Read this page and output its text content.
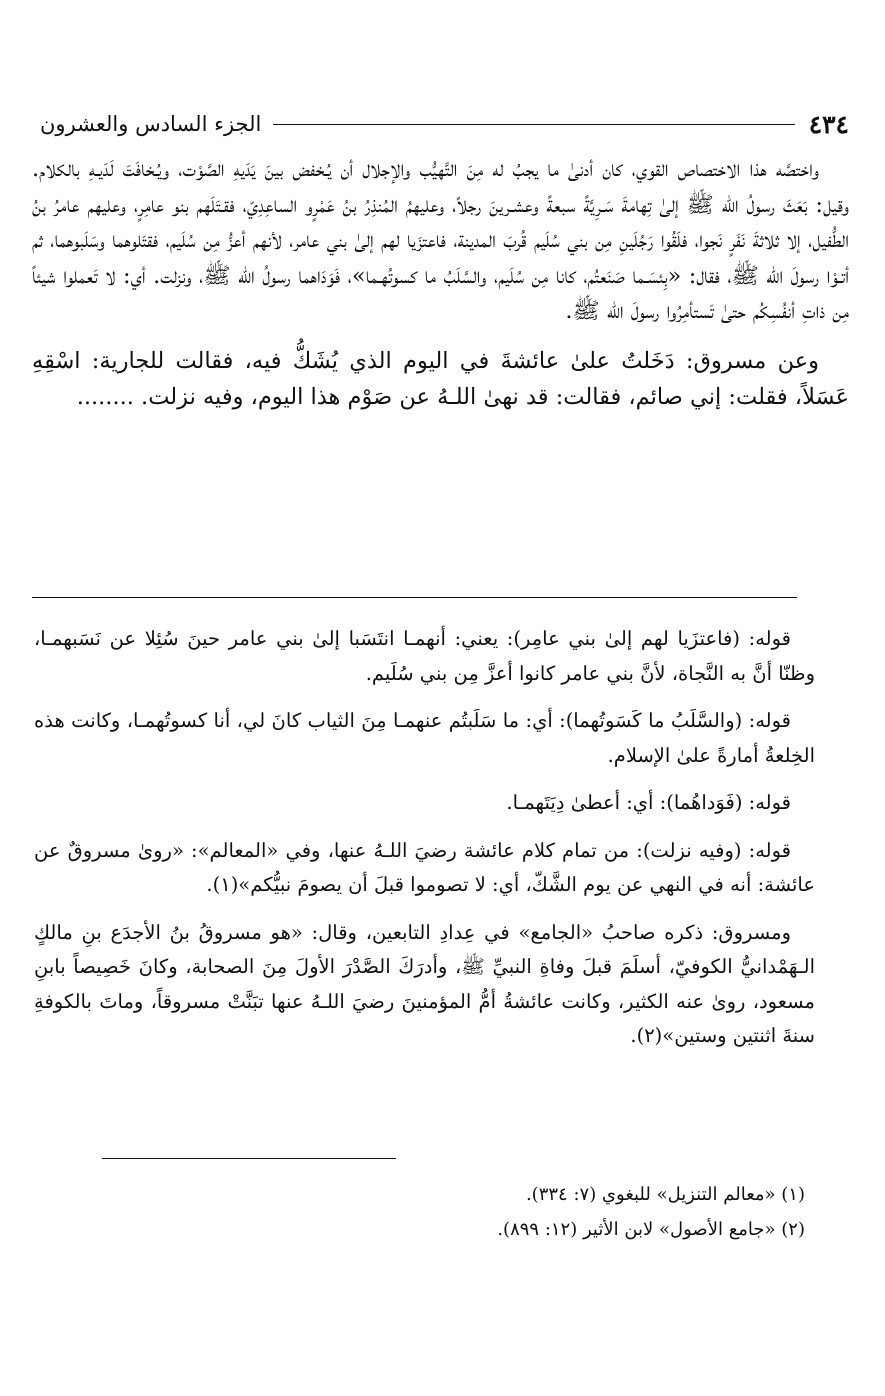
٤٣٤
الجزء السادس والعشرون

واختصَّه هذا الاختصاص القوي، كان أدنىٰ ما يجبُ له مِنَ التَّهيُّب والإجلال أن يُـخفض بينَ يَدَيهِ الصَّوْت، ويُـخافَتَ لَدَيـهِ بالكلام. وقيل: بَعَثَ رسولُ الله ﷺ إلىٰ تِهامةَ سَـرِيَّةً سبعةً وعشـرينَ رجلاً، وعليهمُ المُنذِرُ بنُ عَمْرٍو الساعِدِيّ، فقـتَلَهم بنو عامِرٍ، وعليهم عامرُ بنُ الطُّفيل، إلا ثلاثةَ نَفَرٍ نَجوا، فلَقُوا رَجُلَينِ مِن بني سُلَيم قُربَ المدينة، فاعتزَيا لهم إلىٰ بني عامر، لأنهم أعزُّ مِن سُلَيم، فقتَلوهما وسَلَبوهما، ثم أتـوْا رسولَ الله ﷺ، فقال: «بِئسَـما صَنَعتُم، كانا مِن سُلَيم، والسَّلَبُ ما كسوتُهـما»، فَوَدَاهما رسولُ الله ﷺ، ونزلت. أي: لا تَعملوا شيئاً مِن ذاتِ أنفُسِكُم حتىٰ تَستأمِرُوا رسولَ الله ﷺ.

وعن مسروق: دَخَلتُ علىٰ عائشةَ في اليوم الذي يُشَكُّ فيه، فقالت للجارية: اسْقِهِ عَسَلاً، فقلت: إني صائم، فقالت: قد نهىٰ اللـهُ عن صَوْم هذا اليوم، وفيه نزلت. ........

قوله: (فاعتزَيا لهم إلىٰ بني عامِر): يعني: أنهمـا انتَسَبا إلىٰ بني عامر حينَ سُئِلا عن نَسَبهمـا، وظنّا أنَّ به النَّجاة، لأنَّ بني عامر كانوا أعزَّ مِن بني سُلَيم.

قوله: (والسَّلَبُ ما كَسَوتُهما): أي: ما سَلَبتُم عنهمـا مِنَ الثياب كانَ لي، أنا كسوتُهمـا، وكانت هذه الخِلعةُ أمارةً علىٰ الإسلام.

قوله: (فَوَداهُما): أي: أعطىٰ دِيَتَهمـا.

قوله: (وفيه نزلت): من تمام كلام عائشة رضيَ اللـهُ عنها، وفي «المعالم»: «روىٰ مسروقٌ عن عائشة: أنه في النهي عن يوم الشَّكّ، أي: لا تصوموا قبلَ أن يصومَ نبيُّكم»(١).

ومسروق: ذكره صاحبُ «الجامع» في عِدادِ التابعين، وقال: «هو مسروقُ بنُ الأجدَع بنِ مالكٍ الـهَمْدانيُّ الكوفيّ، أسلَمَ قبلَ وفاةِ النبيِّ ﷺ، وأدرَكَ الصَّدْرَ الأولَ مِنَ الصحابة، وكانَ خَصِيصاً بابنِ مسعود، روىٰ عنه الكثير، وكانت عائشةُ أمُّ المؤمنينَ رضيَ اللـهُ عنها تبَنَّتْ مسروقاً، وماتَ بالكوفةِ سنةَ اثنتين وستين»(٢).

(١) «معالم التنزيل» للبغوي (٧: ٣٣٤).

(٢) «جامع الأصول» لابن الأثير (١٢: ٨٩٩).
